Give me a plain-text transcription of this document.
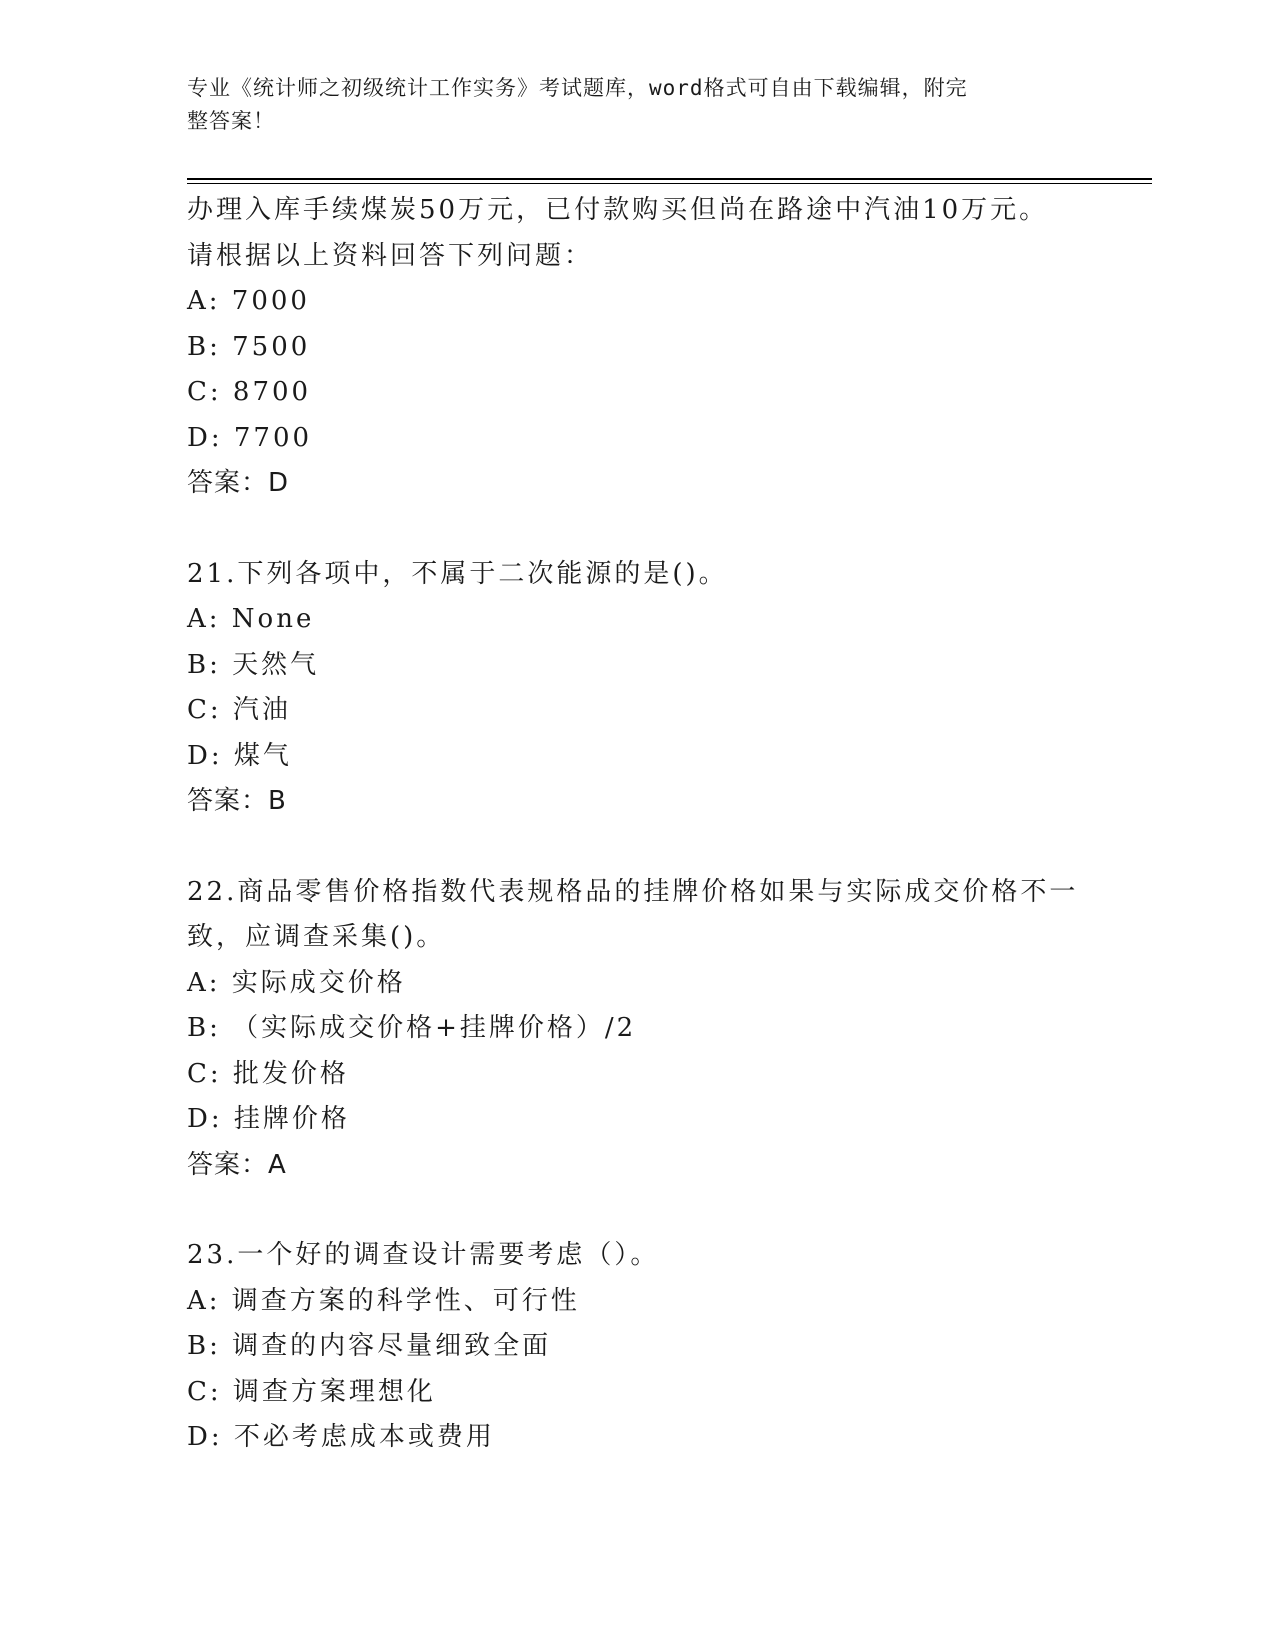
专业《统计师之初级统计工作实务》考试题库，word格式可自由下载编辑，附完
整答案！
办理入库手续煤炭50万元，已付款购买但尚在路途中汽油10万元。
请根据以上资料回答下列问题：
A: 7000
B: 7500
C: 8700
D: 7700
答案：D
21.下列各项中，不属于二次能源的是()。
A: None
B: 天然气
C: 汽油
D: 煤气
答案：B
22.商品零售价格指数代表规格品的挂牌价格如果与实际成交价格不一
致，应调查采集()。
A: 实际成交价格
B: （实际成交价格+挂牌价格）/2
C: 批发价格
D: 挂牌价格
答案：A
23.一个好的调查设计需要考虑（）。
A: 调查方案的科学性、可行性
B: 调查的内容尽量细致全面
C: 调查方案理想化
D: 不必考虑成本或费用
